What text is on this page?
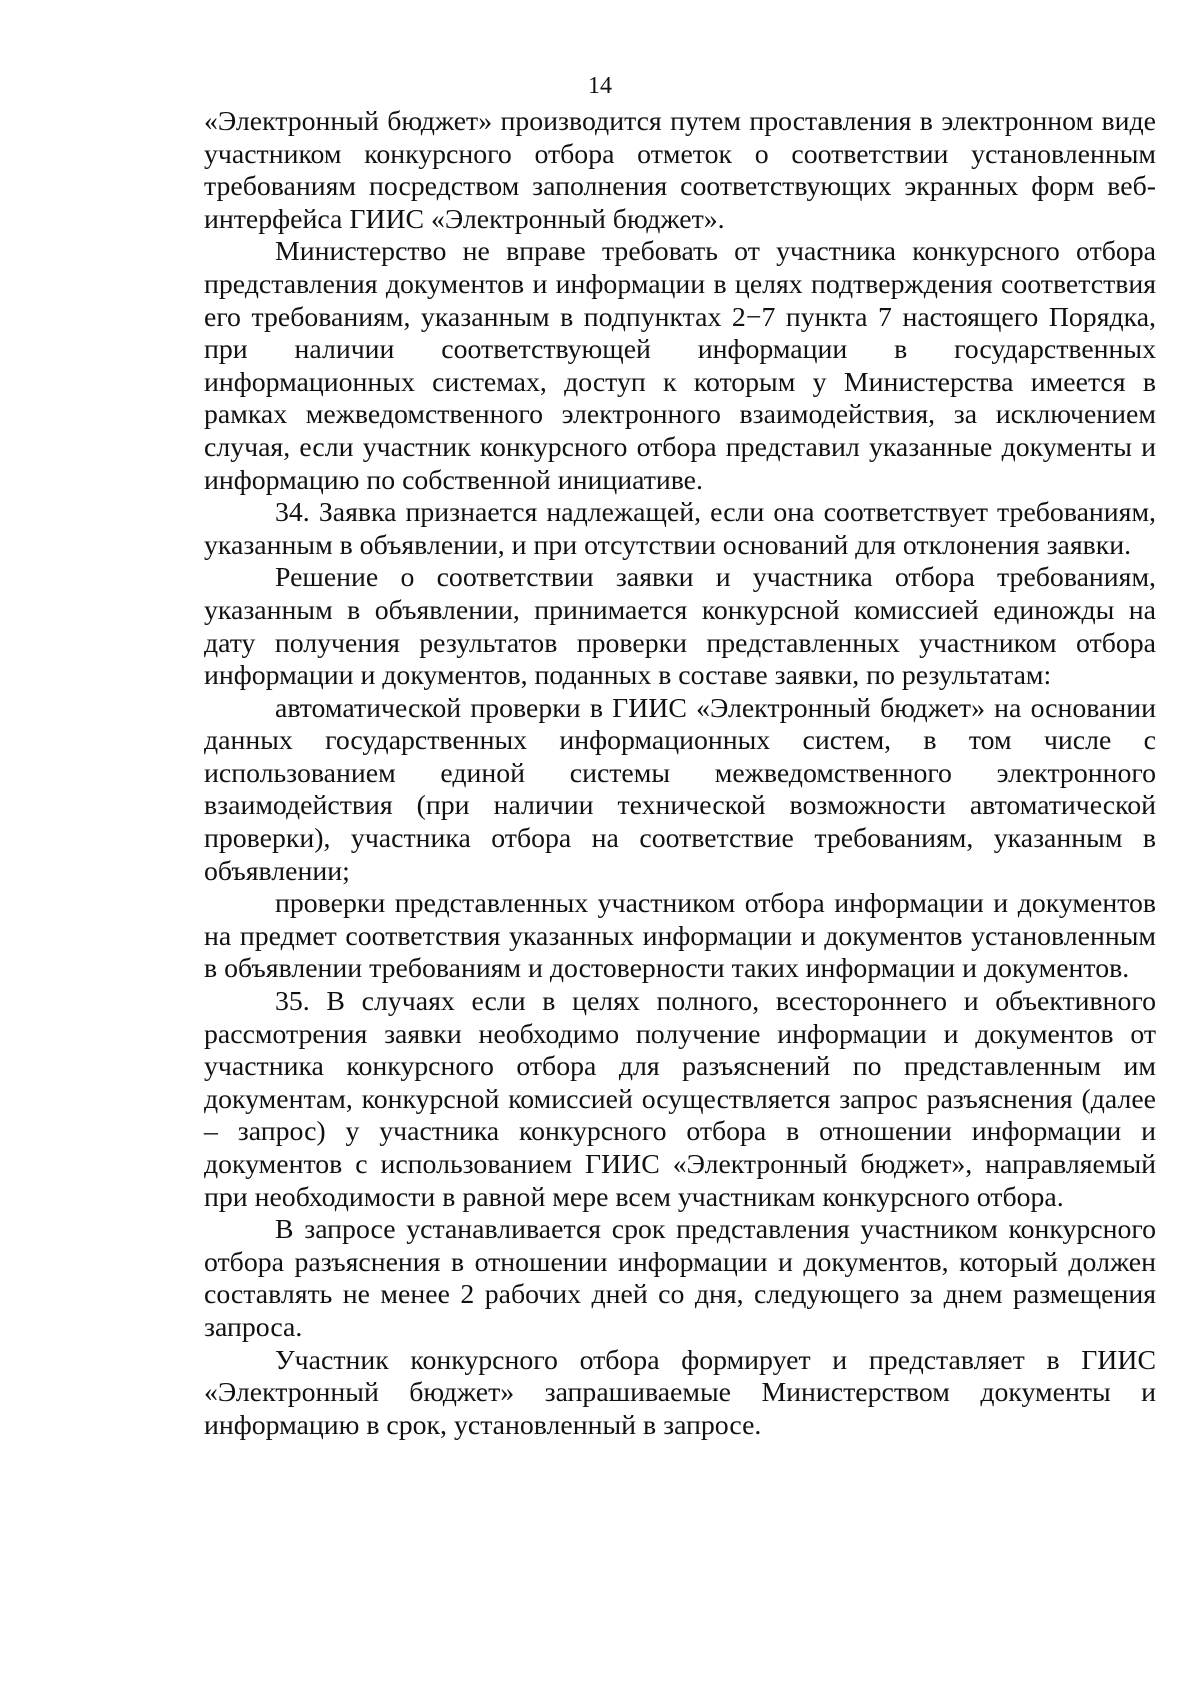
14

«Электронный бюджет» производится путем проставления в электронном виде участником конкурсного отбора отметок о соответствии установленным требованиям посредством заполнения соответствующих экранных форм веб-интерфейса ГИИС «Электронный бюджет».

Министерство не вправе требовать от участника конкурсного отбора представления документов и информации в целях подтверждения соответствия его требованиям, указанным в подпунктах 2−7 пункта 7 настоящего Порядка, при наличии соответствующей информации в государственных информационных системах, доступ к которым у Министерства имеется в рамках межведомственного электронного взаимодействия, за исключением случая, если участник конкурсного отбора представил указанные документы и информацию по собственной инициативе.

34. Заявка признается надлежащей, если она соответствует требованиям, указанным в объявлении, и при отсутствии оснований для отклонения заявки.

Решение о соответствии заявки и участника отбора требованиям, указанным в объявлении, принимается конкурсной комиссией единожды на дату получения результатов проверки представленных участником отбора информации и документов, поданных в составе заявки, по результатам:

автоматической проверки в ГИИС «Электронный бюджет» на основании данных государственных информационных систем, в том числе с использованием единой системы межведомственного электронного взаимодействия (при наличии технической возможности автоматической проверки), участника отбора на соответствие требованиям, указанным в объявлении;

проверки представленных участником отбора информации и документов на предмет соответствия указанных информации и документов установленным в объявлении требованиям и достоверности таких информации и документов.

35. В случаях если в целях полного, всестороннего и объективного рассмотрения заявки необходимо получение информации и документов от участника конкурсного отбора для разъяснений по представленным им документам, конкурсной комиссией осуществляется запрос разъяснения (далее – запрос) у участника конкурсного отбора в отношении информации и документов с использованием ГИИС «Электронный бюджет», направляемый при необходимости в равной мере всем участникам конкурсного отбора.

В запросе устанавливается срок представления участником конкурсного отбора разъяснения в отношении информации и документов, который должен составлять не менее 2 рабочих дней со дня, следующего за днем размещения запроса.

Участник конкурсного отбора формирует и представляет в ГИИС «Электронный бюджет» запрашиваемые Министерством документы и информацию в срок, установленный в запросе.
